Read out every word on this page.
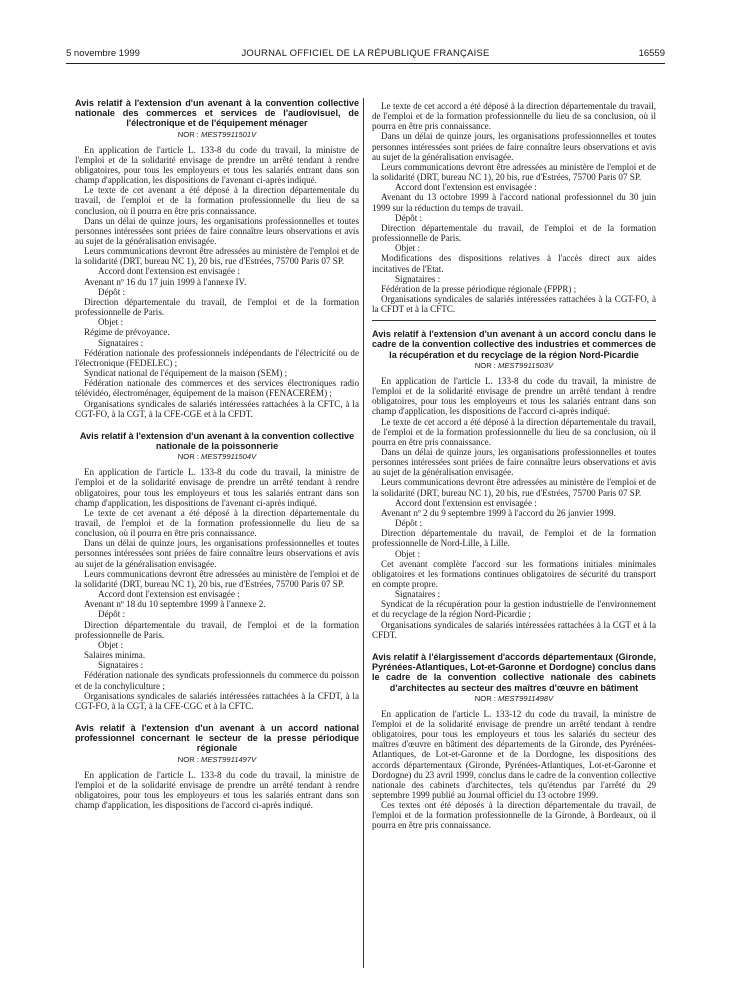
5 novembre 1999	JOURNAL OFFICIEL DE LA RÉPUBLIQUE FRANÇAISE	16559
Avis relatif à l'extension d'un avenant à la convention collective nationale des commerces et services de l'audiovisuel, de l'électronique et de l'équipement ménager
NOR : MEST9911501V

En application de l'article L. 133-8 du code du travail, la ministre de l'emploi et de la solidarité envisage de prendre un arrêté tendant à rendre obligatoires, pour tous les employeurs et tous les salariés entrant dans son champ d'application, les dispositions de l'avenant ci-après indiqué.

Le texte de cet avenant a été déposé à la direction départementale du travail, de l'emploi et de la formation professionnelle du lieu de sa conclusion, où il pourra en être pris connaissance.

Dans un délai de quinze jours, les organisations professionnelles et toutes personnes intéressées sont priées de faire connaître leurs observations et avis au sujet de la généralisation envisagée.

Leurs communications devront être adressées au ministère de l'emploi et de la solidarité (DRT, bureau NC 1), 20 bis, rue d'Estrées, 75700 Paris 07 SP.

Accord dont l'extension est envisagée :

Avenant nº 16 du 17 juin 1999 à l'annexe IV.

Dépôt :

Direction départementale du travail, de l'emploi et de la formation professionnelle de Paris.

Objet :

Régime de prévoyance.

Signataires :

Fédération nationale des professionnels indépendants de l'électricité ou de l'électronique (FEDELEC) ;

Syndicat national de l'équipement de la maison (SEM) ;

Fédération nationale des commerces et des services électroniques radio télévidéo, électroménager, équipement de la maison (FENACEREM) ;

Organisations syndicales de salariés intéressées rattachées à la CFTC, à la CGT-FO, à la CGT, à la CFE-CGE et à la CFDT.

Avis relatif à l'extension d'un avenant à la convention collective nationale de la poissonnerie
NOR : MEST9911504V

En application de l'article L. 133-8 du code du travail, la ministre de l'emploi et de la solidarité envisage de prendre un arrêté tendant à rendre obligatoires, pour tous les employeurs et tous les salariés entrant dans son champ d'application, les dispositions de l'avenant ci-après indiqué.

Le texte de cet avenant a été déposé à la direction départementale du travail, de l'emploi et de la formation professionnelle du lieu de sa conclusion, où il pourra en être pris connaissance.

Dans un délai de quinze jours, les organisations professionnelles et toutes personnes intéressées sont priées de faire connaître leurs observations et avis au sujet de la généralisation envisagée.

Leurs communications devront être adressées au ministère de l'emploi et de la solidarité (DRT, bureau NC 1), 20 bis, rue d'Estrées, 75700 Paris 07 SP.

Accord dont l'extension est envisagée :

Avenant nº 18 du 10 septembre 1999 à l'annexe 2.

Dépôt :

Direction départementale du travail, de l'emploi et de la formation professionnelle de Paris.

Objet :

Salaires minima.

Signataires :

Fédération nationale des syndicats professionnels du commerce du poisson et de la conchyliculture ;

Organisations syndicales de salariés intéressées rattachées à la CFDT, à la CGT-FO, à la CGT, à la CFE-CGC et à la CFTC.

Avis relatif à l'extension d'un avenant à un accord national professionnel concernant le secteur de la presse périodique régionale
NOR : MEST9911497V

En application de l'article L. 133-8 du code du travail, la ministre de l'emploi et de la solidarité envisage de prendre un arrêté tendant à rendre obligatoires, pour tous les employeurs et tous les salariés entrant dans son champ d'application, les dispositions de l'accord ci-après indiqué.

Le texte de cet accord a été déposé à la direction départementale du travail, de l'emploi et de la formation professionnelle du lieu de sa conclusion, où il pourra en être pris connaissance.

Dans un délai de quinze jours, les organisations professionnelles et toutes personnes intéressées sont priées de faire connaître leurs observations et avis au sujet de la généralisation envisagée.

Leurs communications devront être adressées au ministère de l'emploi et de la solidarité (DRT, bureau NC 1), 20 bis, rue d'Estrées, 75700 Paris 07 SP.

Accord dont l'extension est envisagée :

Avenant du 13 octobre 1999 à l'accord national professionnel du 30 juin 1999 sur la réduction du temps de travail.

Dépôt :

Direction départementale du travail, de l'emploi et de la formation professionnelle de Paris.

Objet :

Modifications des dispositions relatives à l'accès direct aux aides incitatives de l'Etat.

Signataires :

Fédération de la presse périodique régionale (FPPR) ;

Organisations syndicales de salariés intéressées rattachées à la CGT-FO, à la CFDT et à la CFTC.

Avis relatif à l'extension d'un avenant à un accord conclu dans le cadre de la convention collective des industries et commerces de la récupération et du recyclage de la région Nord-Picardie
NOR : MEST9911503V

En application de l'article L. 133-8 du code du travail, la ministre de l'emploi et de la solidarité envisage de prendre un arrêté tendant à rendre obligatoires, pour tous les employeurs et tous les salariés entrant dans son champ d'application, les dispositions de l'accord ci-après indiqué.

Le texte de cet accord a été déposé à la direction départementale du travail, de l'emploi et de la formation professionnelle du lieu de sa conclusion, où il pourra en être pris connaissance.

Dans un délai de quinze jours, les organisations professionnelles et toutes personnes intéressées sont priées de faire connaître leurs observations et avis au sujet de la généralisation envisagée.

Leurs communications devront être adressées au ministère de l'emploi et de la solidarité (DRT, bureau NC 1), 20 bis, rue d'Estrées, 75700 Paris 07 SP.

Accord dont l'extension est envisagée :

Avenant nº 2 du 9 septembre 1999 à l'accord du 26 janvier 1999.

Dépôt :

Direction départementale du travail, de l'emploi et de la formation professionnelle de Nord-Lille, à Lille.

Objet :

Cet avenant complète l'accord sur les formations initiales minimales obligatoires et les formations continues obligatoires de sécurité du transport en compte propre.

Signataires :

Syndicat de la récupération pour la gestion industrielle de l'environnement et du recyclage de la région Nord-Picardie ;

Organisations syndicales de salariés intéressées rattachées à la CGT et à la CFDT.

Avis relatif à l'élargissement d'accords départementaux (Gironde, Pyrénées-Atlantiques, Lot-et-Garonne et Dordogne) conclus dans le cadre de la convention collective nationale des cabinets d'architectes au secteur des maîtres d'œuvre en bâtiment
NOR : MEST9911498V

En application de l'article L. 133-12 du code du travail, la ministre de l'emploi et de la solidarité envisage de prendre un arrêté tendant à rendre obligatoires, pour tous les employeurs et tous les salariés du secteur des maîtres d'œuvre en bâtiment des départements de la Gironde, des Pyrénées-Atlantiques, de Lot-et-Garonne et de la Dordogne, les dispositions des accords départementaux (Gironde, Pyrénées-Atlantiques, Lot-et-Garonne et Dordogne) du 23 avril 1999, conclus dans le cadre de la convention collective nationale des cabinets d'architectes, tels qu'étendus par l'arrêté du 29 septembre 1999 publié au Journal officiel du 13 octobre 1999.

Ces textes ont été déposés à la direction départementale du travail, de l'emploi et de la formation professionnelle de la Gironde, à Bordeaux, où il pourra en être pris connaissance.
